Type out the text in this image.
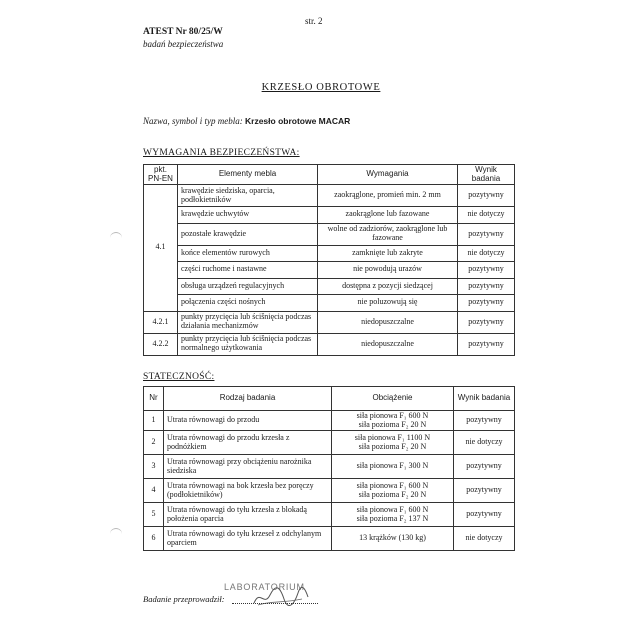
str. 2
ATEST Nr 80/25/W
badań bezpieczeństwa
KRZESŁO OBROTOWE
Nazwa, symbol i typ mebla: Krzesło obrotowe MACAR
WYMAGANIA BEZPIECZEŃSTWA:
pkt. PN-EN	Elementy mebla	Wymagania	Wynik badania
4.1	krawędzie siedziska, oparcia, podłokietników	zaokrąglone, promień min. 2 mm	pozytywny
	krawędzie uchwytów	zaokrąglone lub fazowane	nie dotyczy
	pozostałe krawędzie	wolne od zadziorów, zaokrąglone lub fazowane	pozytywny
	końce elementów rurowych	zamknięte lub zakryte	nie dotyczy
	części ruchome i nastawne	nie powodują urazów	pozytywny
	obsługa urządzeń regulacyjnych	dostępna z pozycji siedzącej	pozytywny
	połączenia części nośnych	nie poluzowują się	pozytywny
4.2.1	punkty przycięcia lub ścišnięcia podczas działania mechanizmów	niedopuszczalne	pozytywny
4.2.2	punkty przycięcia lub ścišnięcia podczas normalnego użytkowania	niedopuszczalne	pozytywny
STATECZNOŚĆ:
Nr	Rodzaj badania	Obciążenie	Wynik badania
1	Utrata równowagi do przodu	siła pionowa F₁ 600 N
siła pozioma F₂ 20 N	pozytywny
2	Utrata równowagi do przodu krzesła z podnóżkiem	siła pionowa F₁ 1100 N
siła pozioma F₂ 20 N	nie dotyczy
3	Utrata równowagi przy obciążeniu narożnika siedziska	siła pionowa F₁ 300 N	pozytywny
4	Utrata równowagi na bok krzesła bez poręczy (podłokietników)	siła pionowa F₁ 600 N
siła pozioma F₂ 20 N	pozytywny
5	Utrata równowagi do tyłu krzesła z blokadą położenia oparcia	siła pionowa F₁ 600 N
siła pozioma F₂ 137 N	pozytywny
6	Utrata równowagi do tyłu krzeseł z odchylanym oparciem	13 krążków (130 kg)	nie dotyczy
LABORATORIUM
Badanie przeprowadził:
